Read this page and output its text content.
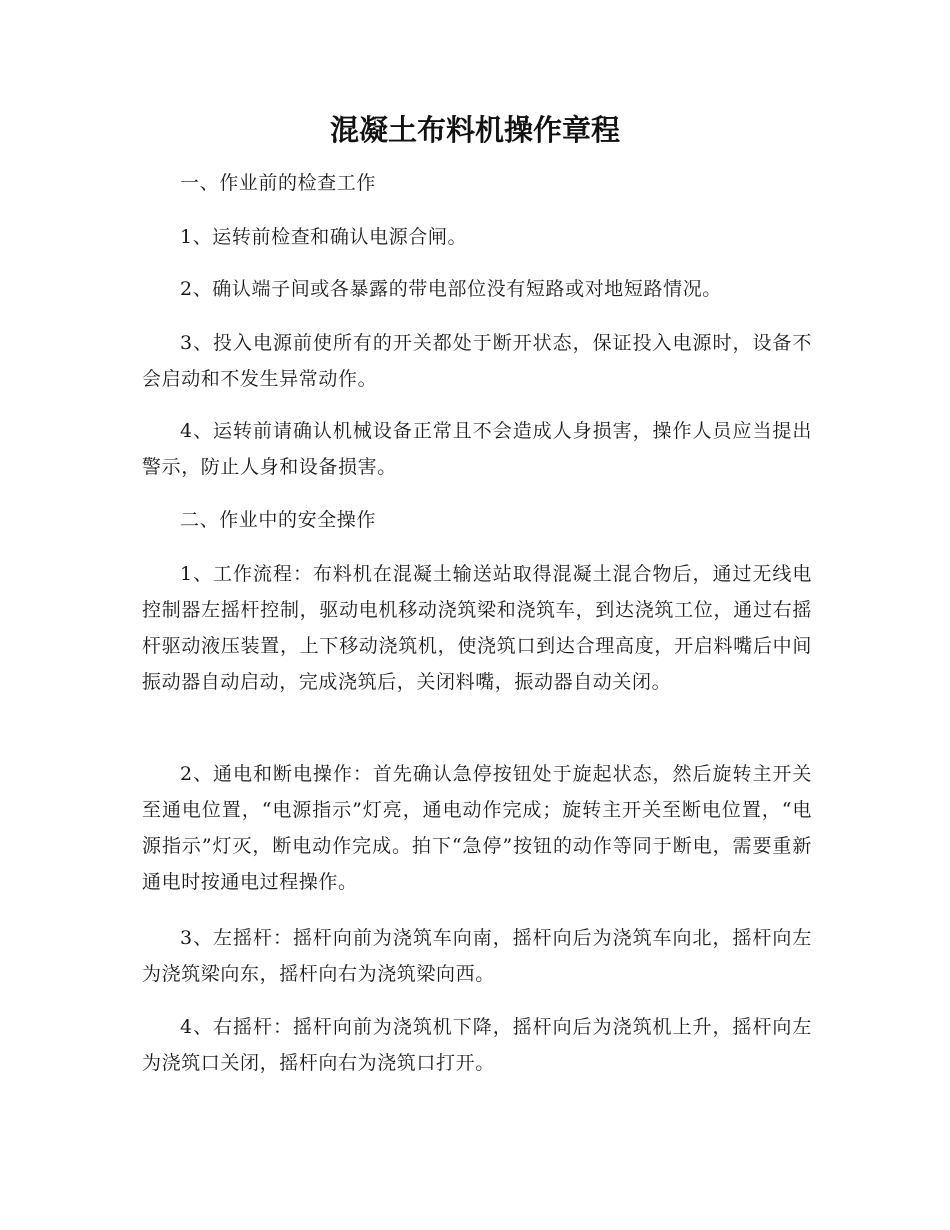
混凝土布料机操作章程

一、作业前的检查工作

1、运转前检查和确认电源合闸。

2、确认端子间或各暴露的带电部位没有短路或对地短路情况。

3、投入电源前使所有的开关都处于断开状态，保证投入电源时，设备不会启动和不发生异常动作。

4、运转前请确认机械设备正常且不会造成人身损害，操作人员应当提出警示，防止人身和设备损害。

二、作业中的安全操作

1、工作流程：布料机在混凝土输送站取得混凝土混合物后，通过无线电控制器左摇杆控制，驱动电机移动浇筑梁和浇筑车，到达浇筑工位，通过右摇杆驱动液压装置，上下移动浇筑机，使浇筑口到达合理高度，开启料嘴后中间振动器自动启动，完成浇筑后，关闭料嘴，振动器自动关闭。

2、通电和断电操作：首先确认急停按钮处于旋起状态，然后旋转主开关至通电位置，“电源指示”灯亮，通电动作完成；旋转主开关至断电位置，“电源指示”灯灭，断电动作完成。拍下“急停”按钮的动作等同于断电，需要重新通电时按通电过程操作。

3、左摇杆：摇杆向前为浇筑车向南，摇杆向后为浇筑车向北，摇杆向左为浇筑梁向东，摇杆向右为浇筑梁向西。

4、右摇杆：摇杆向前为浇筑机下降，摇杆向后为浇筑机上升，摇杆向左为浇筑口关闭，摇杆向右为浇筑口打开。
